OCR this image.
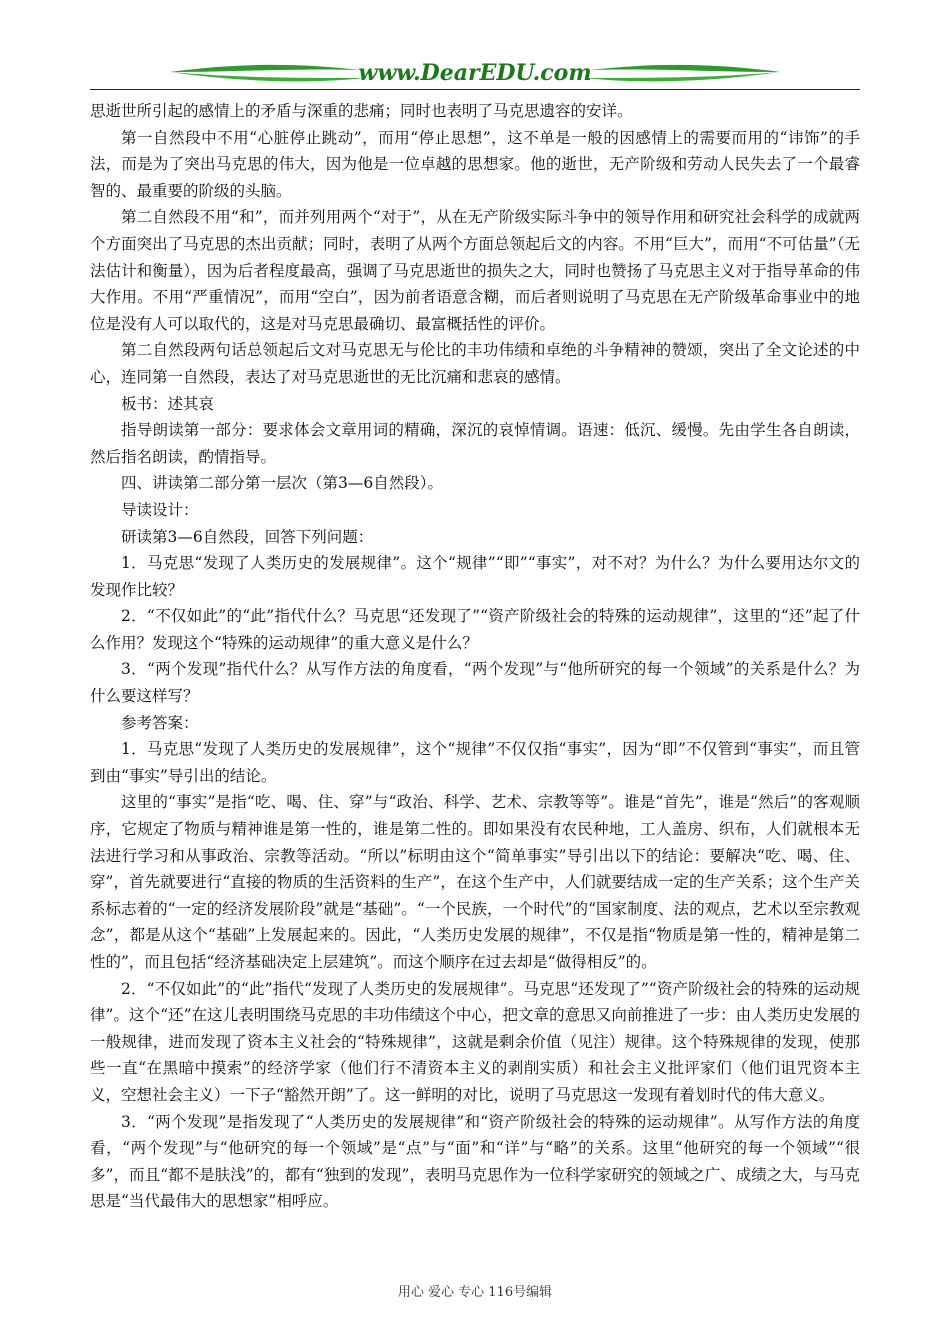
www.DearEDU.com

思逝世所引起的感情上的矛盾与深重的悲痛；同时也表明了马克思遗容的安详。

第一自然段中不用“心脏停止跳动”，而用“停止思想”，这不单是一般的因感情上的需要而用的“讳饰”的手法，而是为了突出马克思的伟大，因为他是一位卓越的思想家。他的逝世，无产阶级和劳动人民失去了一个最睿智的、最重要的阶级的头脑。

第二自然段不用“和”，而并列用两个“对于”，从在无产阶级实际斗争中的领导作用和研究社会科学的成就两个方面突出了马克思的杰出贡献；同时，表明了从两个方面总领起后文的内容。不用“巨大”，而用“不可估量”（无法估计和衡量），因为后者程度最高，强调了马克思逝世的损失之大，同时也赞扬了马克思主义对于指导革命的伟大作用。不用“严重情况”，而用“空白”，因为前者语意含糊，而后者则说明了马克思在无产阶级革命事业中的地位是没有人可以取代的，这是对马克思最确切、最富概括性的评价。

第二自然段两句话总领起后文对马克思无与伦比的丰功伟绩和卓绝的斗争精神的赞颂，突出了全文论述的中心，连同第一自然段，表达了对马克思逝世的无比沉痛和悲哀的感情。

板书：述其哀

指导朗读第一部分：要求体会文章用词的精确，深沉的哀悼情调。语速：低沉、缓慢。先由学生各自朗读，然后指名朗读，酌情指导。

四、讲读第二部分第一层次（第3—6自然段）。

导读设计：

研读第3—6自然段，回答下列问题：

1．马克思“发现了人类历史的发展规律”。这个“规律”“即”“事实”，对不对？为什么？为什么要用达尔文的发现作比较？

2．“不仅如此”的“此”指代什么？马克思“还发现了”“资产阶级社会的特殊的运动规律”，这里的“还”起了什么作用？发现这个“特殊的运动规律”的重大意义是什么？

3．“两个发现”指代什么？从写作方法的角度看，“两个发现”与“他所研究的每一个领域”的关系是什么？为什么要这样写？

参考答案：

1．马克思“发现了人类历史的发展规律”，这个“规律”不仅仅指“事实”，因为“即”不仅管到“事实”，而且管到由“事实”导引出的结论。

这里的“事实”是指“吃、喝、住、穿”与“政治、科学、艺术、宗教等等”。谁是“首先”，谁是“然后”的客观顺序，它规定了物质与精神谁是第一性的，谁是第二性的。即如果没有农民种地，工人盖房、织布，人们就根本无法进行学习和从事政治、宗教等活动。“所以”标明由这个“简单事实”导引出以下的结论：要解决“吃、喝、住、穿”，首先就要进行“直接的物质的生活资料的生产”，在这个生产中，人们就要结成一定的生产关系；这个生产关系标志着的“一定的经济发展阶段”就是“基础”。“一个民族，一个时代”的“国家制度、法的观点，艺术以至宗教观念”，都是从这个“基础”上发展起来的。因此，“人类历史发展的规律”，不仅是指“物质是第一性的，精神是第二性的”，而且包括“经济基础决定上层建筑”。而这个顺序在过去却是“做得相反”的。

2．“不仅如此”的“此”指代“发现了人类历史的发展规律”。马克思“还发现了”“资产阶级社会的特殊的运动规律”。这个“还”在这儿表明围绕马克思的丰功伟绩这个中心，把文章的意思又向前推进了一步：由人类历史发展的一般规律，进而发现了资本主义社会的“特殊规律”，这就是剩余价值（见注）规律。这个特殊规律的发现，使那些一直“在黑暗中摸索”的经济学家（他们行不清资本主义的剥削实质）和社会主义批评家们（他们诅咒资本主义，空想社会主义）一下子“豁然开朗”了。这一鲜明的对比，说明了马克思这一发现有着划时代的伟大意义。

3．“两个发现”是指发现了“人类历史的发展规律”和“资产阶级社会的特殊的运动规律”。从写作方法的角度看，“两个发现”与“他研究的每一个领域”是“点”与“面”和“详”与“略”的关系。这里“他研究的每一个领域”“很多”，而且“都不是肤浅”的，都有“独到的发现”，表明马克思作为一位科学家研究的领域之广、成绩之大，与马克思是“当代最伟大的思想家”相呼应。

用心 爱心 专心 116号编辑
